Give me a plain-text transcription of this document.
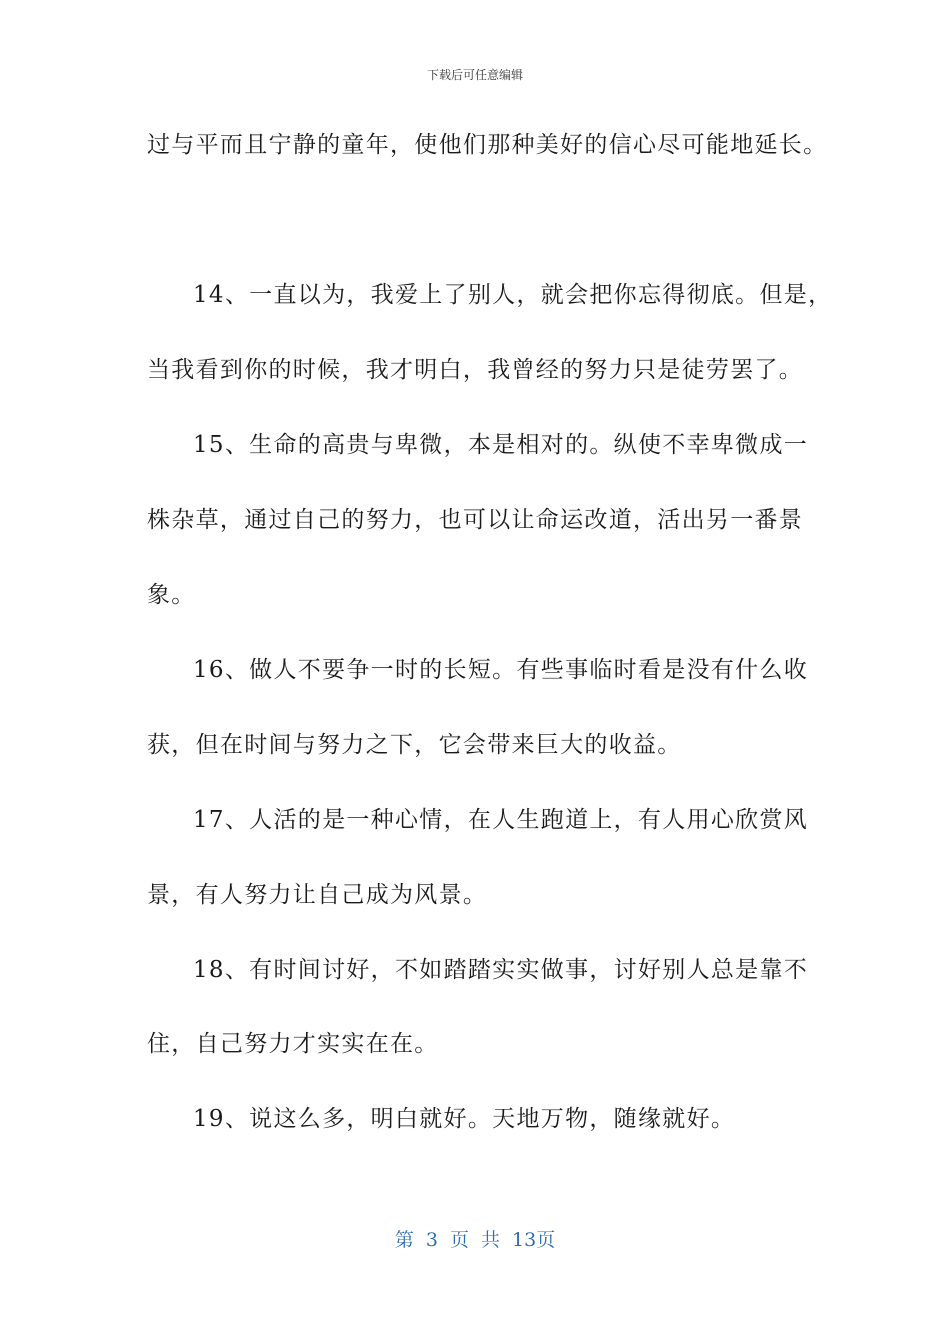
下载后可任意编辑
过与平而且宁静的童年，使他们那种美好的信心尽可能地延长。
14、一直以为，我爱上了别人，就会把你忘得彻底。但是，
当我看到你的时候，我才明白，我曾经的努力只是徒劳罢了。
15、生命的高贵与卑微，本是相对的。纵使不幸卑微成一
株杂草，通过自己的努力，也可以让命运改道，活出另一番景
象。
16、做人不要争一时的长短。有些事临时看是没有什么收
获，但在时间与努力之下，它会带来巨大的收益。
17、人活的是一种心情，在人生跑道上，有人用心欣赏风
景，有人努力让自己成为风景。
18、有时间讨好，不如踏踏实实做事，讨好别人总是靠不
住，自己努力才实实在在。
19、说这么多，明白就好。天地万物，随缘就好。
第 3 页 共 13页
